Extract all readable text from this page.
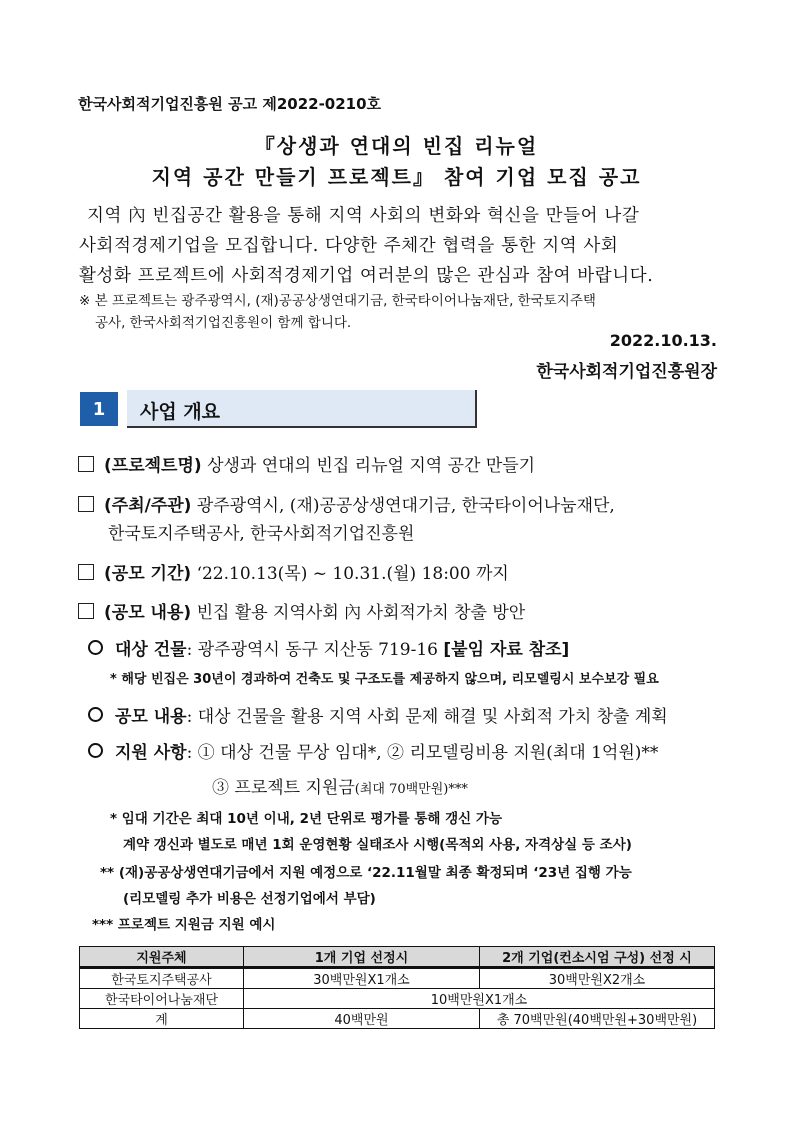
한국사회적기업진흥원 공고 제2022-0210호
『상생과 연대의 빈집 리뉴얼
지역 공간 만들기 프로젝트』 참여 기업 모집 공고
지역 內 빈집공간 활용을 통해 지역 사회의 변화와 혁신을 만들어 나갈
사회적경제기업을 모집합니다. 다양한 주체간 협력을 통한 지역 사회
활성화 프로젝트에 사회적경제기업 여러분의 많은 관심과 참여 바랍니다.
※ 본 프로젝트는 광주광역시, (재)공공상생연대기금, 한국타이어나눔재단, 한국토지주택
공사, 한국사회적기업진흥원이 함께 합니다.
2022.10.13.
한국사회적기업진흥원장
1	사업 개요
(프로젝트명) 상생과 연대의 빈집 리뉴얼 지역 공간 만들기
(주최/주관) 광주광역시, (재)공공상생연대기금, 한국타이어나눔재단,
한국토지주택공사, 한국사회적기업진흥원
(공모 기간) ‘22.10.13(목) ~ 10.31.(월) 18:00 까지
(공모 내용) 빈집 활용 지역사회 內 사회적가치 창출 방안
대상 건물: 광주광역시 동구 지산동 719-16 [붙임 자료 참조]
* 해당 빈집은 30년이 경과하여 건축도 및 구조도를 제공하지 않으며, 리모델링시 보수보강 필요
공모 내용: 대상 건물을 활용 지역 사회 문제 해결 및 사회적 가치 창출 계획
지원 사항: ① 대상 건물 무상 임대*, ② 리모델링비용 지원(최대 1억원)**
③ 프로젝트 지원금(최대 70백만원)***
* 임대 기간은 최대 10년 이내, 2년 단위로 평가를 통해 갱신 가능
계약 갱신과 별도로 매년 1회 운영현황 실태조사 시행(목적외 사용, 자격상실 등 조사)
** (재)공공상생연대기금에서 지원 예정으로 ‘22.11월말 최종 확정되며 ‘23년 집행 가능
(리모델링 추가 비용은 선정기업에서 부담)
*** 프로젝트 지원금 지원 예시
지원주체	1개 기업 선정시	2개 기업(컨소시엄 구성) 선정 시
한국토지주택공사	30백만원X1개소	30백만원X2개소
한국타이어나눔재단	10백만원X1개소	
계	40백만원	총 70백만원(40백만원+30백만원)
